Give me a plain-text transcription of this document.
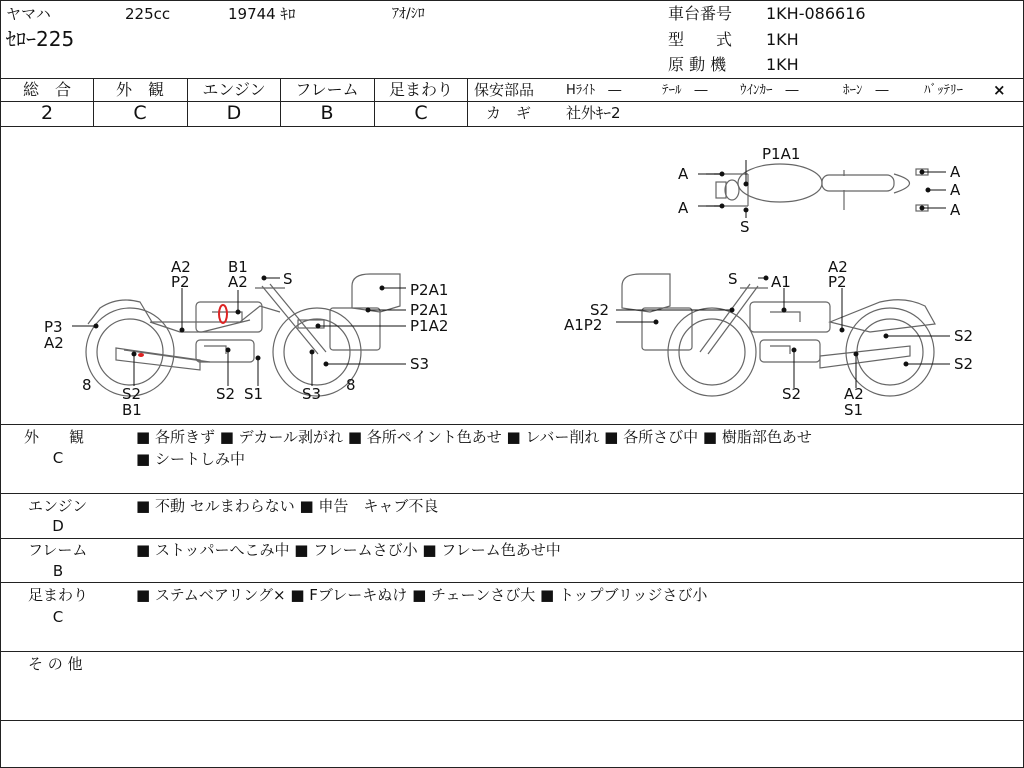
ヤマハ	225cc	19744 ｷﾛ	ｱｵ/ｼﾛ
ｾﾛｰ225
車台番号 1KH-086616
型　　式 1KH
原 動 機 1KH
総　合	外　観	エンジン	フレーム	足まわり
2	C	D	B	C
保安部品 Hﾗｲﾄ　―	ﾃｰﾙ　― ｳｲﾝｶｰ　―	ﾎｰﾝ　―	ﾊﾞｯﾃﾘｰ ×
カ　ギ 社外ｷｰ2
P1A1
A
A
A
A
A
S
A2
P2
B1
A2 S
P2A1
P2A1
P1A2
P3
A2
S3
8 S2
B1
S2 S1	S3 8
S A1
A2
P2
S2
A1P2
S2
S2
S2	A2
S1
外　　観
C
■ 各所きず ■ デカール剥がれ ■ 各所ペイント色あせ ■ レバー削れ ■ 各所さび中 ■ 樹脂部色あせ
■ シートしみ中
エンジン
D
■ 不動 セルまわらない ■ 申告　キャブ不良
フレーム
B
■ ストッパーへこみ中 ■ フレームさび小 ■ フレーム色あせ中
足まわり
C
■ ステムベアリング× ■ Fブレーキぬけ ■ チェーンさび大 ■ トップブリッジさび小
そ の 他
